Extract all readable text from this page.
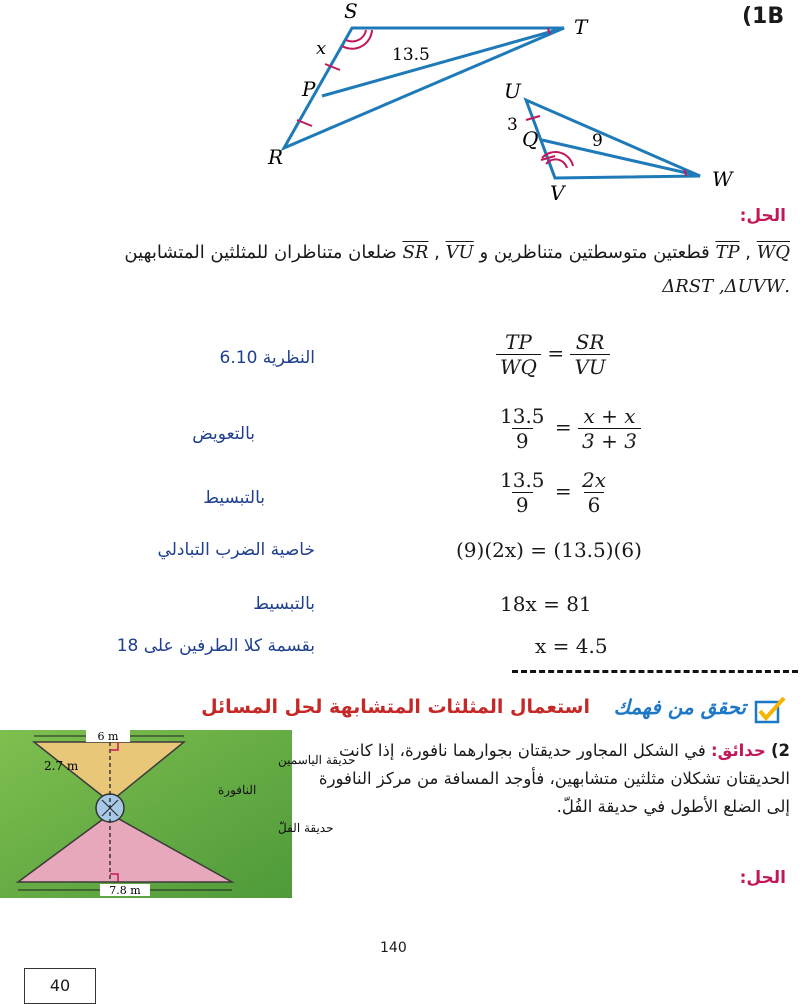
(1B
S
T
P
R
x	13.5
U
Q
V
W
3
9
الحل:
TP , WQ قطعتين متوسطتين متناظرين و SR , VU ضلعان متناظران للمثلثين المتشابهين
.ΔRST ,ΔUVW
النظرية 6.10	$\frac{TP}{WQ} = \frac{SR}{VU}$
بالتعويض	$\frac{13.5}{9} = \frac{x + x}{3 + 3}$
بالتبسيط	$\frac{13.5}{9} = \frac{2x}{6}$
خاصية الضرب التبادلي	(9)(2x) = (13.5)(6)
بالتبسيط	18x = 81
بقسمة كلا الطرفين على 18	x = 4.5
تحقق من فهمك
استعمال المثلثات المتشابهة لحل المسائل
6 m
2.7 m
7.8 m
حديقة الياسمين
النافورة
حديقة الفلّ
2) حدائق: في الشكل المجاور حديقتان بجوارهما نافورة، إذا كانت الحديقتان تشكلان مثلثين متشابهين، فأوجد المسافة من مركز النافورة إلى الضلع الأطول في حديقة الفُلّ.
الحل:
140
40
